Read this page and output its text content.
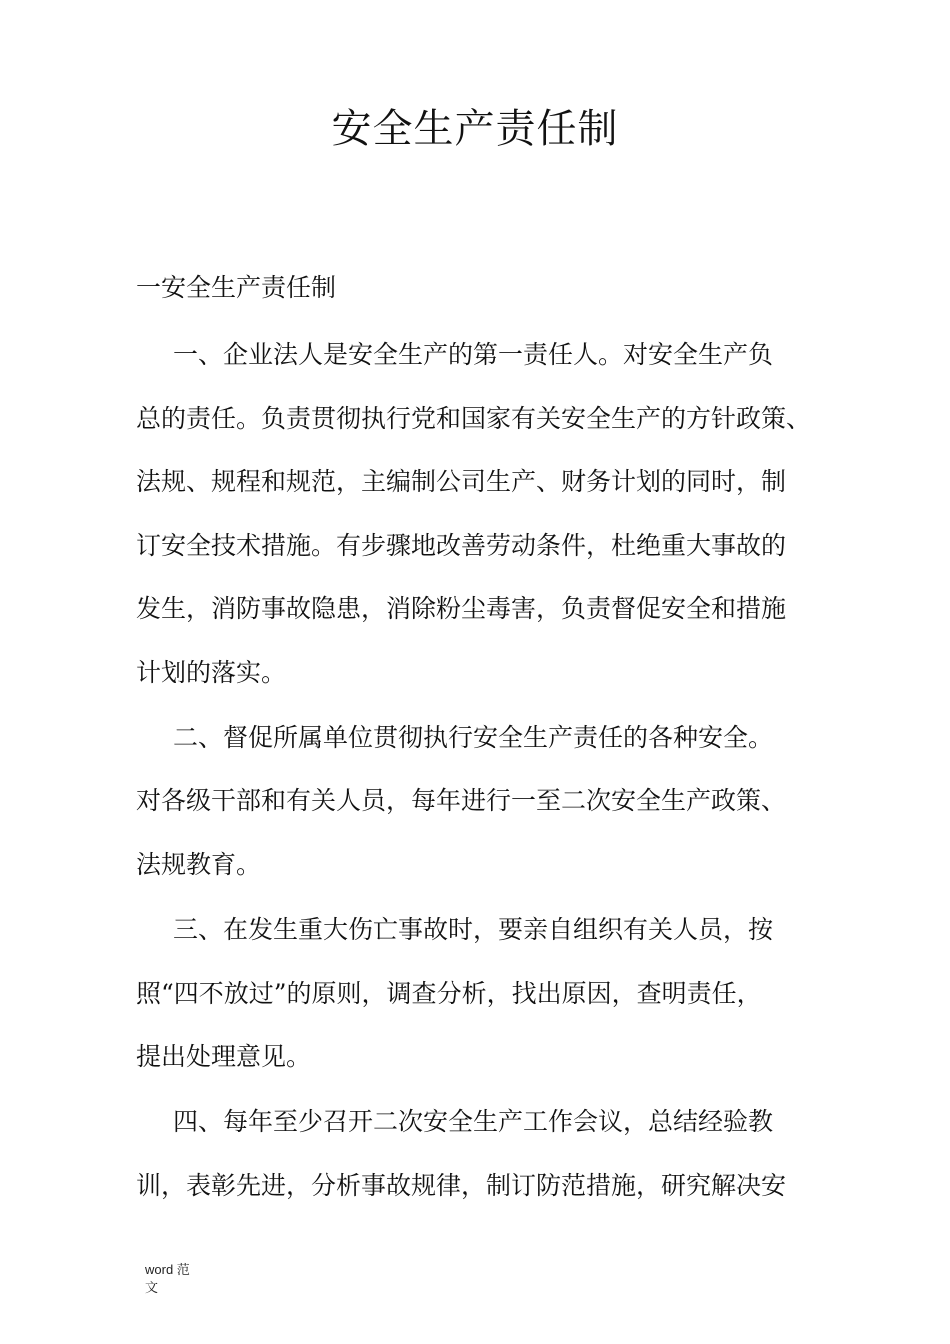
安全生产责任制

一安全生产责任制

一、企业法人是安全生产的第一责任人。对安全生产负

总的责任。负责贯彻执行党和国家有关安全生产的方针政策、

法规、规程和规范，主编制公司生产、财务计划的同时，制

订安全技术措施。有步骤地改善劳动条件，杜绝重大事故的

发生，消防事故隐患，消除粉尘毒害，负责督促安全和措施

计划的落实。

二、督促所属单位贯彻执行安全生产责任的各种安全。

对各级干部和有关人员，每年进行一至二次安全生产政策、

法规教育。

三、在发生重大伤亡事故时，要亲自组织有关人员，按

照“四不放过”的原则，调查分析，找出原因，查明责任，

提出处理意见。

四、每年至少召开二次安全生产工作会议，总结经验教

训，表彰先进，分析事故规律，制订防范措施，研究解决安

word 范
文
